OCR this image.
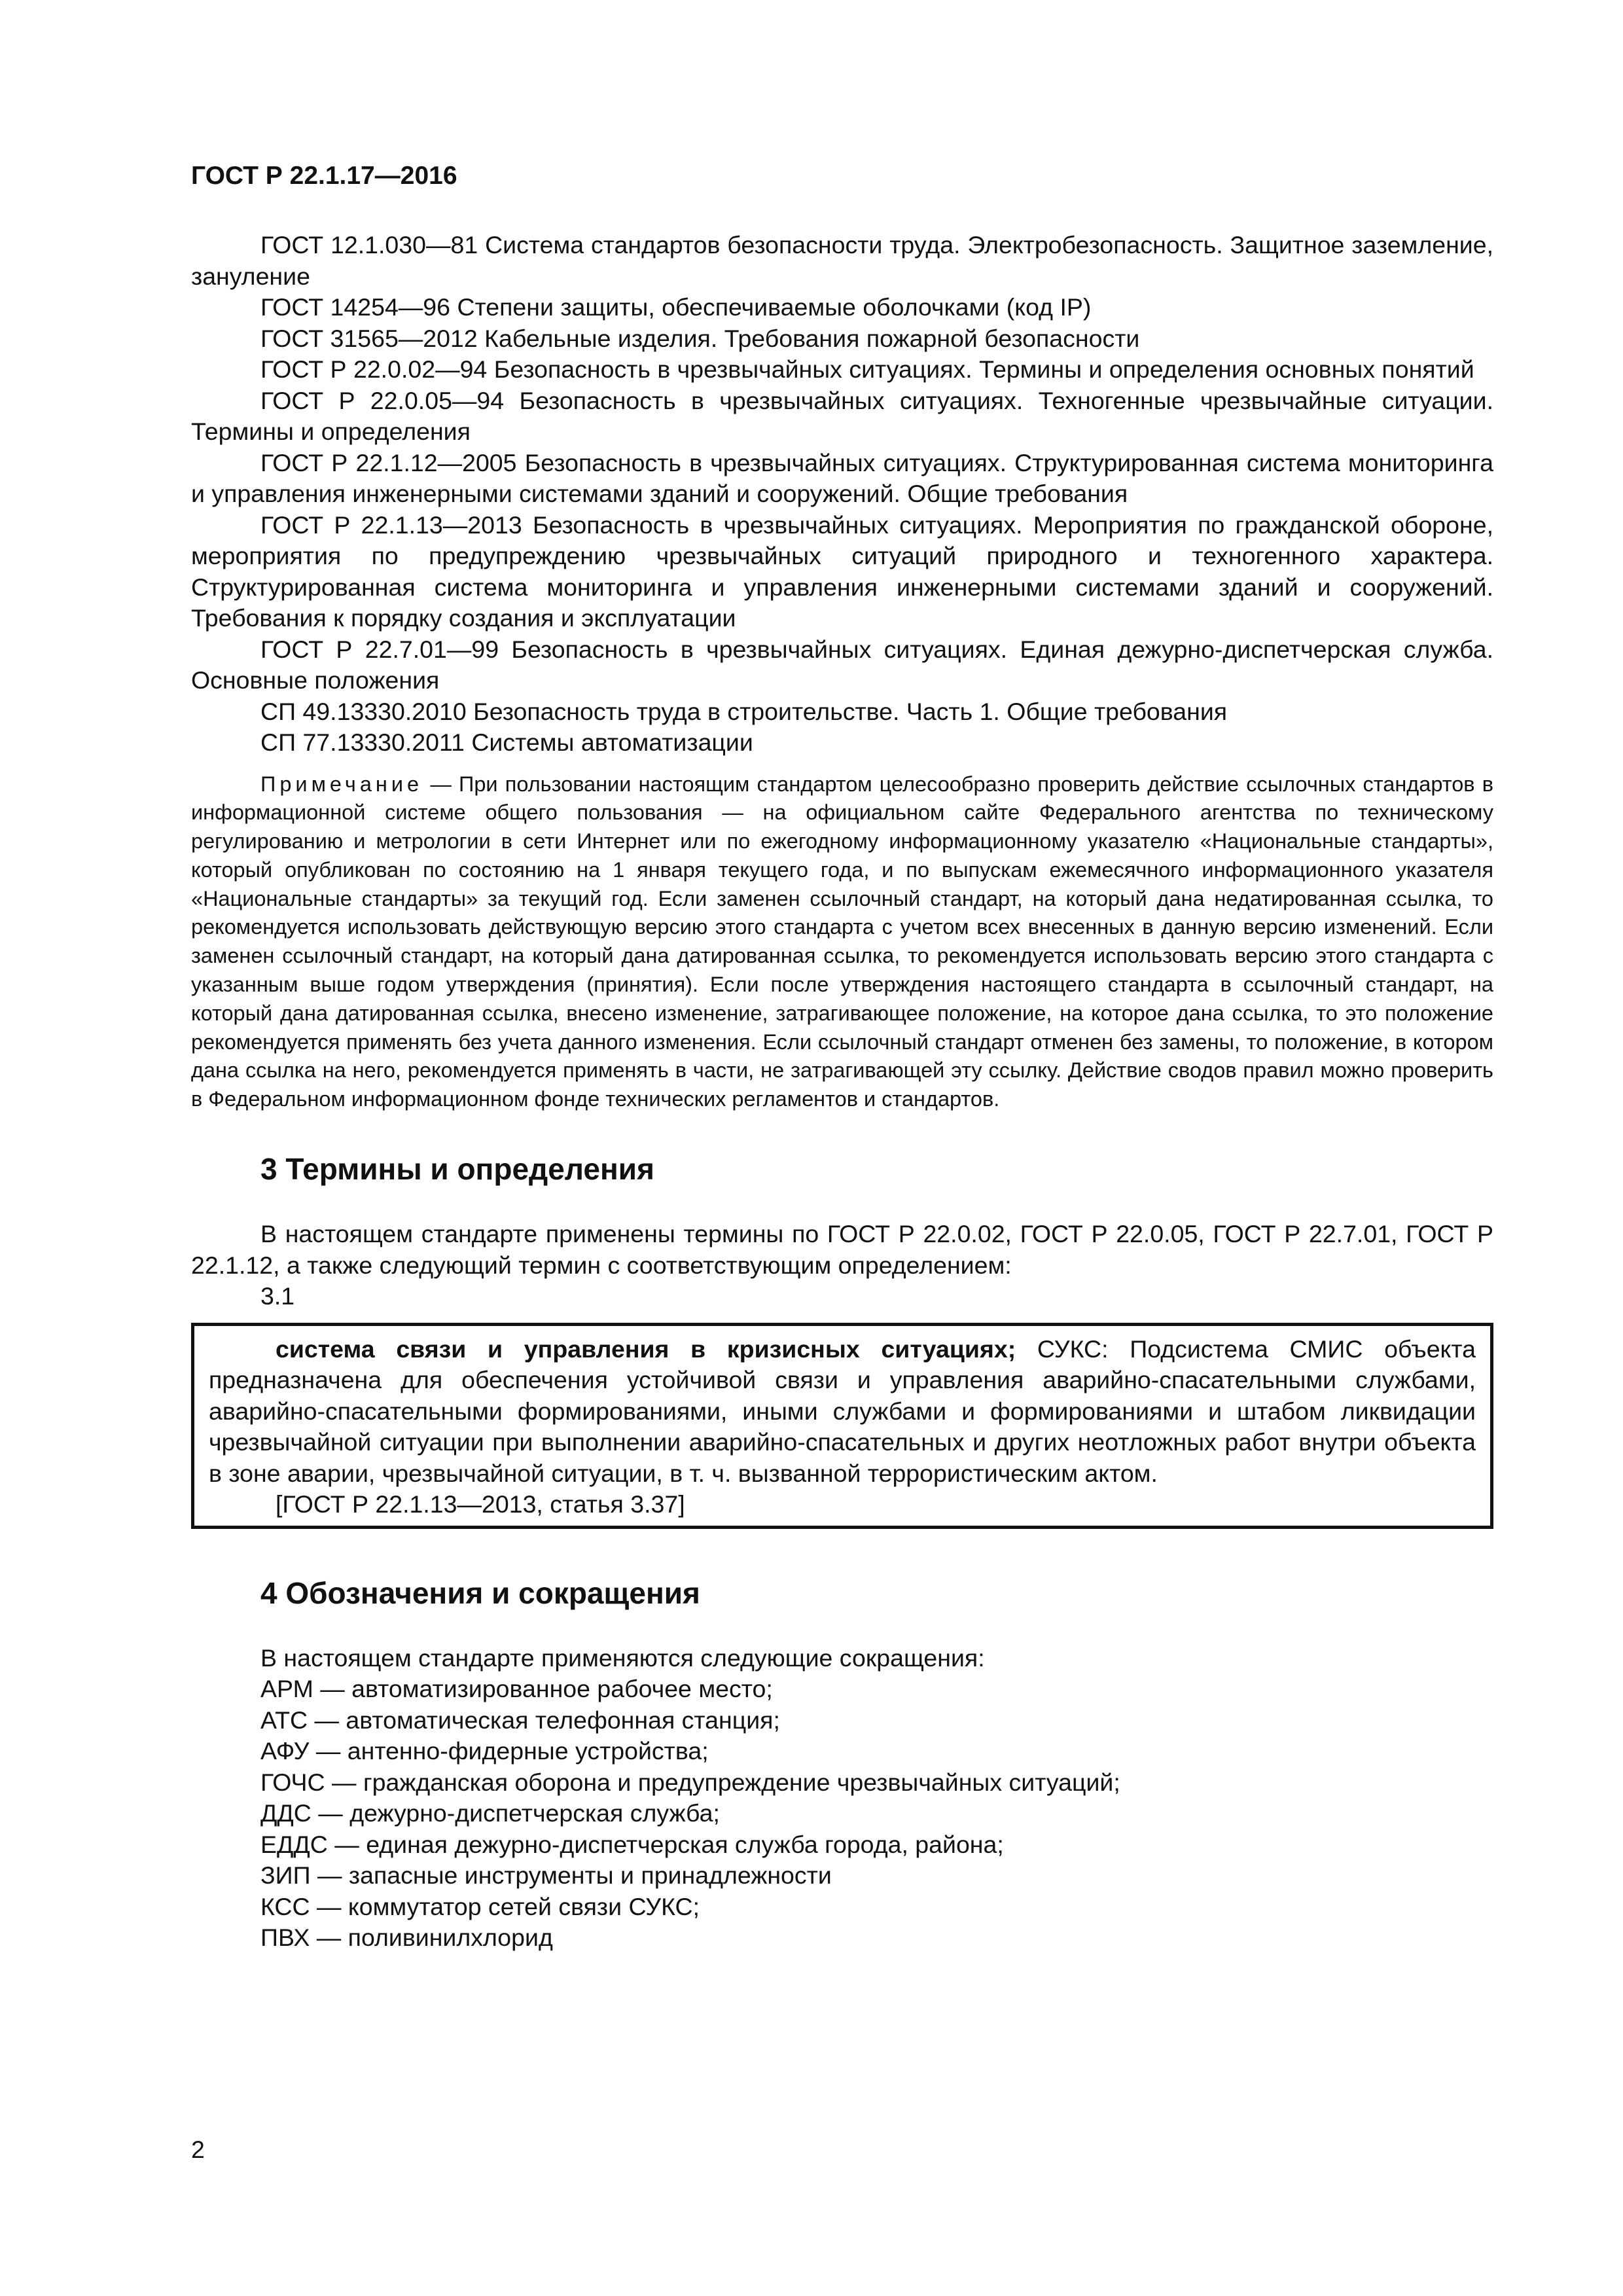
ГОСТ Р 22.1.17—2016

ГОСТ 12.1.030—81 Система стандартов безопасности труда. Электробезопасность. Защитное заземление, зануление

ГОСТ 14254—96 Степени защиты, обеспечиваемые оболочками (код IP)

ГОСТ 31565—2012 Кабельные изделия. Требования пожарной безопасности

ГОСТ Р 22.0.02—94 Безопасность в чрезвычайных ситуациях. Термины и определения основных понятий

ГОСТ Р 22.0.05—94 Безопасность в чрезвычайных ситуациях. Техногенные чрезвычайные ситуации. Термины и определения

ГОСТ Р 22.1.12—2005 Безопасность в чрезвычайных ситуациях. Структурированная система мониторинга и управления инженерными системами зданий и сооружений. Общие требования

ГОСТ Р 22.1.13—2013 Безопасность в чрезвычайных ситуациях. Мероприятия по гражданской обороне, мероприятия по предупреждению чрезвычайных ситуаций природного и техногенного характера. Структурированная система мониторинга и управления инженерными системами зданий и сооружений. Требования к порядку создания и эксплуатации

ГОСТ Р 22.7.01—99 Безопасность в чрезвычайных ситуациях. Единая дежурно-диспетчерская служба. Основные положения

СП 49.13330.2010 Безопасность труда в строительстве. Часть 1. Общие требования

СП 77.13330.2011 Системы автоматизации

Примечание — При пользовании настоящим стандартом целесообразно проверить действие ссылочных стандартов в информационной системе общего пользования — на официальном сайте Федерального агентства по техническому регулированию и метрологии в сети Интернет или по ежегодному информационному указателю «Национальные стандарты», который опубликован по состоянию на 1 января текущего года, и по выпускам ежемесячного информационного указателя «Национальные стандарты» за текущий год. Если заменен ссылочный стандарт, на который дана недатированная ссылка, то рекомендуется использовать действующую версию этого стандарта с учетом всех внесенных в данную версию изменений. Если заменен ссылочный стандарт, на который дана датированная ссылка, то рекомендуется использовать версию этого стандарта с указанным выше годом утверждения (принятия). Если после утверждения настоящего стандарта в ссылочный стандарт, на который дана датированная ссылка, внесено изменение, затрагивающее положение, на которое дана ссылка, то это положение рекомендуется применять без учета данного изменения. Если ссылочный стандарт отменен без замены, то положение, в котором дана ссылка на него, рекомендуется применять в части, не затрагивающей эту ссылку. Действие сводов правил можно проверить в Федеральном информационном фонде технических регламентов и стандартов.

3 Термины и определения

В настоящем стандарте применены термины по ГОСТ Р 22.0.02, ГОСТ Р 22.0.05, ГОСТ Р 22.7.01, ГОСТ Р 22.1.12, а также следующий термин с соответствующим определением:

3.1

система связи и управления в кризисных ситуациях; СУКС: Подсистема СМИС объекта предназначена для обеспечения устойчивой связи и управления аварийно-спасательными службами, аварийно-спасательными формированиями, иными службами и формированиями и штабом ликвидации чрезвычайной ситуации при выполнении аварийно-спасательных и других неотложных работ внутри объекта в зоне аварии, чрезвычайной ситуации, в т. ч. вызванной террористическим актом.

[ГОСТ Р 22.1.13—2013, статья 3.37]

4 Обозначения и сокращения

В настоящем стандарте применяются следующие сокращения:

АРМ — автоматизированное рабочее место;

АТС — автоматическая телефонная станция;

АФУ — антенно-фидерные устройства;

ГОЧС — гражданская оборона и предупреждение чрезвычайных ситуаций;

ДДС — дежурно-диспетчерская служба;

ЕДДС — единая дежурно-диспетчерская служба города, района;

ЗИП — запасные инструменты и принадлежности

КСС — коммутатор сетей связи СУКС;

ПВХ — поливинилхлорид

2
